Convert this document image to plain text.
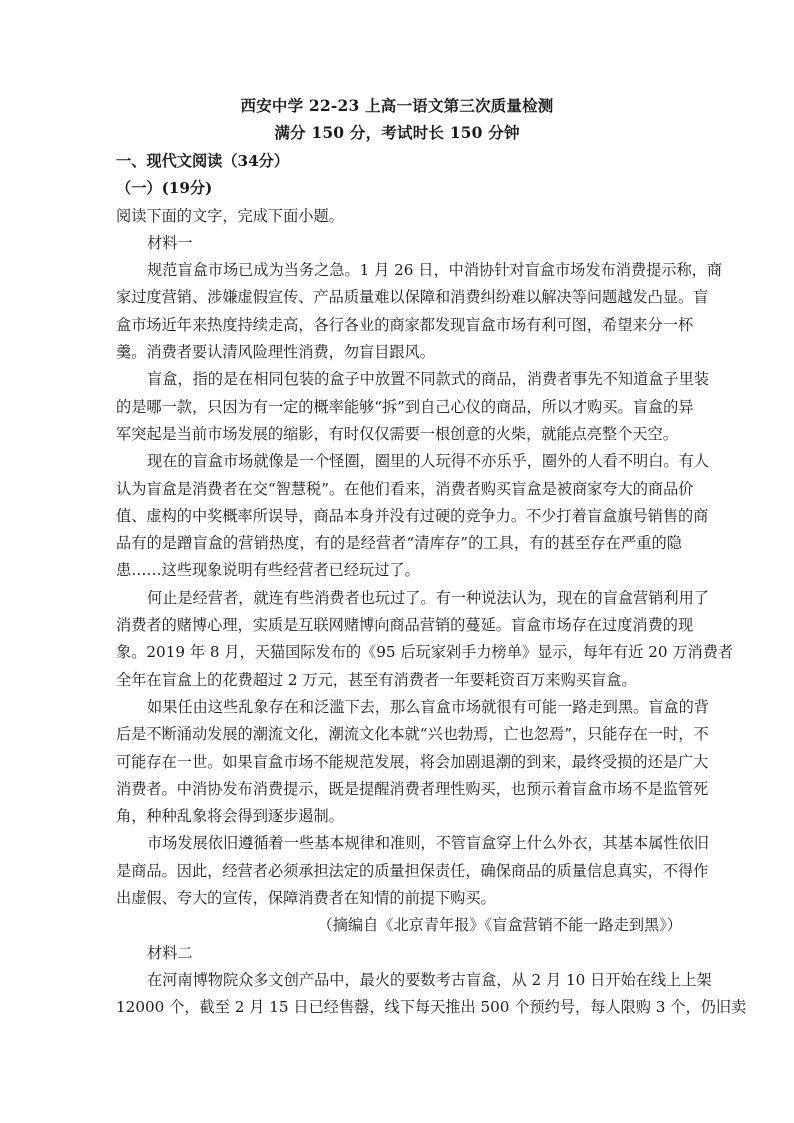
西安中学 22-23 上高一语文第三次质量检测
满分 150 分，考试时长 150 分钟
一、现代文阅读（34分）
（一）(19分)
阅读下面的文字，完成下面小题。
材料一
规范盲盒市场已成为当务之急。1 月 26 日，中消协针对盲盒市场发布消费提示称，商
家过度营销、涉嫌虚假宣传、产品质量难以保障和消费纠纷难以解决等问题越发凸显。盲
盒市场近年来热度持续走高，各行各业的商家都发现盲盒市场有利可图，希望来分一杯
羹。消费者要认清风险理性消费，勿盲目跟风。
盲盒，指的是在相同包装的盒子中放置不同款式的商品，消费者事先不知道盒子里装
的是哪一款，只因为有一定的概率能够“拆”到自己心仪的商品，所以才购买。盲盒的异
军突起是当前市场发展的缩影，有时仅仅需要一根创意的火柴，就能点亮整个天空。
现在的盲盒市场就像是一个怪圈，圈里的人玩得不亦乐乎，圈外的人看不明白。有人
认为盲盒是消费者在交“智慧税”。在他们看来，消费者购买盲盒是被商家夸大的商品价
值、虚构的中奖概率所误导，商品本身并没有过硬的竞争力。不少打着盲盒旗号销售的商
品有的是蹭盲盒的营销热度，有的是经营者“清库存”的工具，有的甚至存在严重的隐
患……这些现象说明有些经营者已经玩过了。
何止是经营者，就连有些消费者也玩过了。有一种说法认为，现在的盲盒营销利用了
消费者的赌博心理，实质是互联网赌博向商品营销的蔓延。盲盒市场存在过度消费的现
象。2019 年 8 月，天猫国际发布的《95 后玩家剁手力榜单》显示，每年有近 20 万消费者
全年在盲盒上的花费超过 2 万元，甚至有消费者一年要耗资百万来购买盲盒。
如果任由这些乱象存在和泛滥下去，那么盲盒市场就很有可能一路走到黑。盲盒的背
后是不断涌动发展的潮流文化，潮流文化本就“兴也勃焉，亡也忽焉”，只能存在一时，不
可能存在一世。如果盲盒市场不能规范发展，将会加剧退潮的到来，最终受损的还是广大
消费者。中消协发布消费提示，既是提醒消费者理性购买，也预示着盲盒市场不是监管死
角，种种乱象将会得到逐步遏制。
市场发展依旧遵循着一些基本规律和准则，不管盲盒穿上什么外衣，其基本属性依旧
是商品。因此，经营者必须承担法定的质量担保责任，确保商品的质量信息真实，不得作
出虚假、夸大的宣传，保障消费者在知情的前提下购买。
（摘编自《北京青年报》《盲盒营销不能一路走到黑》）
材料二
在河南博物院众多文创产品中，最火的要数考古盲盒，从 2 月 10 日开始在线上上架
12000 个，截至 2 月 15 日已经售罄，线下每天推出 500 个预约号，每人限购 3 个，仍旧卖
